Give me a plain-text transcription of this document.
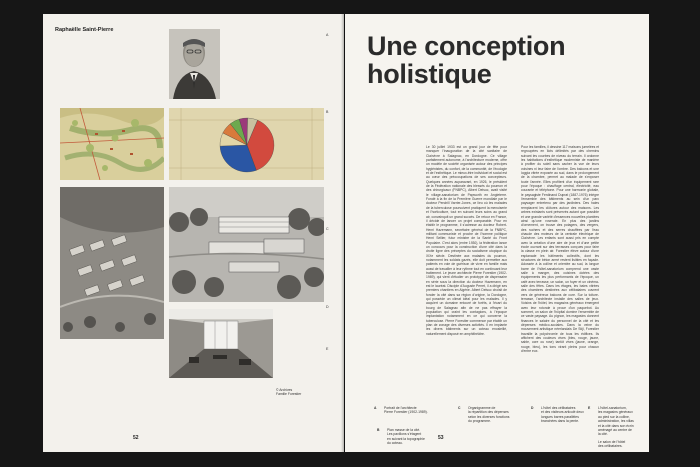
Raphaëlle Saint-Pierre
A
B
C
D
E
© Archives
Famille Forestier
52
Une conception
holistique
Le 30 juillet 1933 est un grand jour de fête pour manquer l'inauguration de la cité sanitaire de Clairvivre à Salagnac, en Dordogne. Ce village parfaitement autonome, à l'architecture moderne, offre un modèle de société organisée autour des principes hygiénistes, du confort, de la communité, de l'écologie et de l'esthétique. Le mieux-être individuel et social est au cœur des préoccupations de ses concepteurs. Quelques années auparavant, en 1926, le président de la Fédération nationale des blessés du poumon et des chirurgicaux (FNBPC), Albert Delsuc, avait visité le village-sanatorium de Papworth en Angleterre. Fondé à la fin de la Première Guerre mondiale par le docteur Pendrill Varrier-Jones, ce lieu où les malades de la tuberculose poursuivent pratiquent la menuiserie et l'horticulture, tout en suivant leurs soins au grand air, convainquit un grand succès. De retour en France, il décide de lancer un projet comparable. Pour en établir le programme, il s'adresse au docteur Robert-Henri Hazemann, secrétaire général de la FNBPC, militant communiste et proche de l'homme politique Henri Sellier, futur ministre de la Santé du Front Populaire. C'est alors (entre 1930), la fédération lance un concours pour la construction d'une cité dans la droite ligne des préceptes du socialisme utopique du XIXe siècle. Destinée aux malades du poumon, notamment les soldats gazés, elle doit permettre aux patients en voie de guérison de vivre en famille mais aussi de travailler à leur rythme tout en continuant leur traitement. Le jeune architecte Pierre Forestier (1902-1989), qui vient d'étudier un prototype de dispensaire en série sous la direction du docteur Hazemann, en est le lauréat. Disciple d'Auguste Perret, il a dirigé ses premiers chantiers en Algérie. Albert Delsuc choisit de fonder la cité dans sa région d'origine, la Dordogne, qui possède un climat idéal pour les malades. Il y acquiert un domaine entouré de forêts, à l'écart du bourg de Salagnac afin de ne pas effrayer la population qui craint les contagions, à l'époque implantation notamment en ce qui concerne la tuberculose. Pierre Forestier commence par établir un plan de zonage des diverses activités. Il en implante les divers bâtiments sur un coteau enosleillé, naturellement disposé en amphithéâtre.
Pour les familles, il dessine 117 maisons jumelées et regroupées en îlots délimités par des chemins suivant les courbes de niveau du terrain. Il ordonne les habitations d'esthétique moderniste de manière à profiter du soleil sans cacher la vue de leurs voisines ni leur faire de l'ombre. Des balcons et une loggia vitrée exposée au sud, dans le prolongement de la chambre, permet au malade de s'exposer toute l'année. Elles profitent d'un équipement rare pour l'époque : chauffage central, électricité, eau courante et téléphone. Pour une harmonie globale, le paysagiste Ferdinand Duprat (1887-1976) intègre l'ensemble des bâtiments au sein d'un parc paysager entretenu par des jardiniers. Des haies remplacent les clôtures autour des maisons. Les arbres existants sont préservés autant que possible et une grande variété d'essences nouvelles plantées ainsi qu'une roseraie. En plus des jardins d'ornement, on trouve des potagers, des vergers, des ruchers et des serres chauffées par l'eau chaude des moteurs de la centrale électrique de Clairvivre. Les enfants sont aussi pris en compte avec la création d'une aire de jeux et d'une petite école ouvrant sur des terrasses conçues pour faire la classe en plein air. Forestier élève autour d'une esplanade les bâtiments collectifs, dont les structures de béton armé restent lisibles en façade. Adossée à la colline et orientée au sud, la longue barre de l'hôtel-sanatorium comprend une vaste salle à manger, des cuisines dotées des équipements les plus performants de l'époque, un café avec terrasse, un salon, un foyer et un cinéma-salle des fêtes. Dans les étages, les baies vitrées des chambres destinées aux célibataires ouvrent vers de généreux balcons de cure. Sur la toiture-terrasse, l'architecte installe des salles de jeux. Voisins de l'hôtel, les magasins généraux émergent avec leur rotonde à proue d'un paquebot. Au sommet, un salon de l'hôpital domine l'ensemble de ce vaste paysage. Au pignon, les magasins donnent finances le salaire du personnel de la cité et les dépenses médico-sociales. Dans la veine du mouvement artistique néerlandais De Stijl, Forestier travaille la polychromie de tous les édifices. Ils affichent des couleurs vives (bleu, rouge, jaune, sable, ocre ou rose) tantôt vives (jaune, orange, rouge, bleu), les tons virant pleins pour chacun d'entre eux.
53
A Portrait de l'architecte
Pierre Forestier (1902-1989).
C Organigramme de
la répartition des dépenses
selon les diverses fonctions
du programme.
D L'hôtel des célibataires
et des visiteurs articulé deux
longues barres parallèles
branchées dans la pente.
E L'hôtel-sanatorium,
les magasins généraux
au pied sur la colline,
administration, les villas
et la cité dans son écrin
aménagé au centre de
la cité.
Le salon de l'hôtel
des célibataires.
B Plan masse de la cité.
Les pavillons s'étagent
en suivant la topographie
du coteau.
